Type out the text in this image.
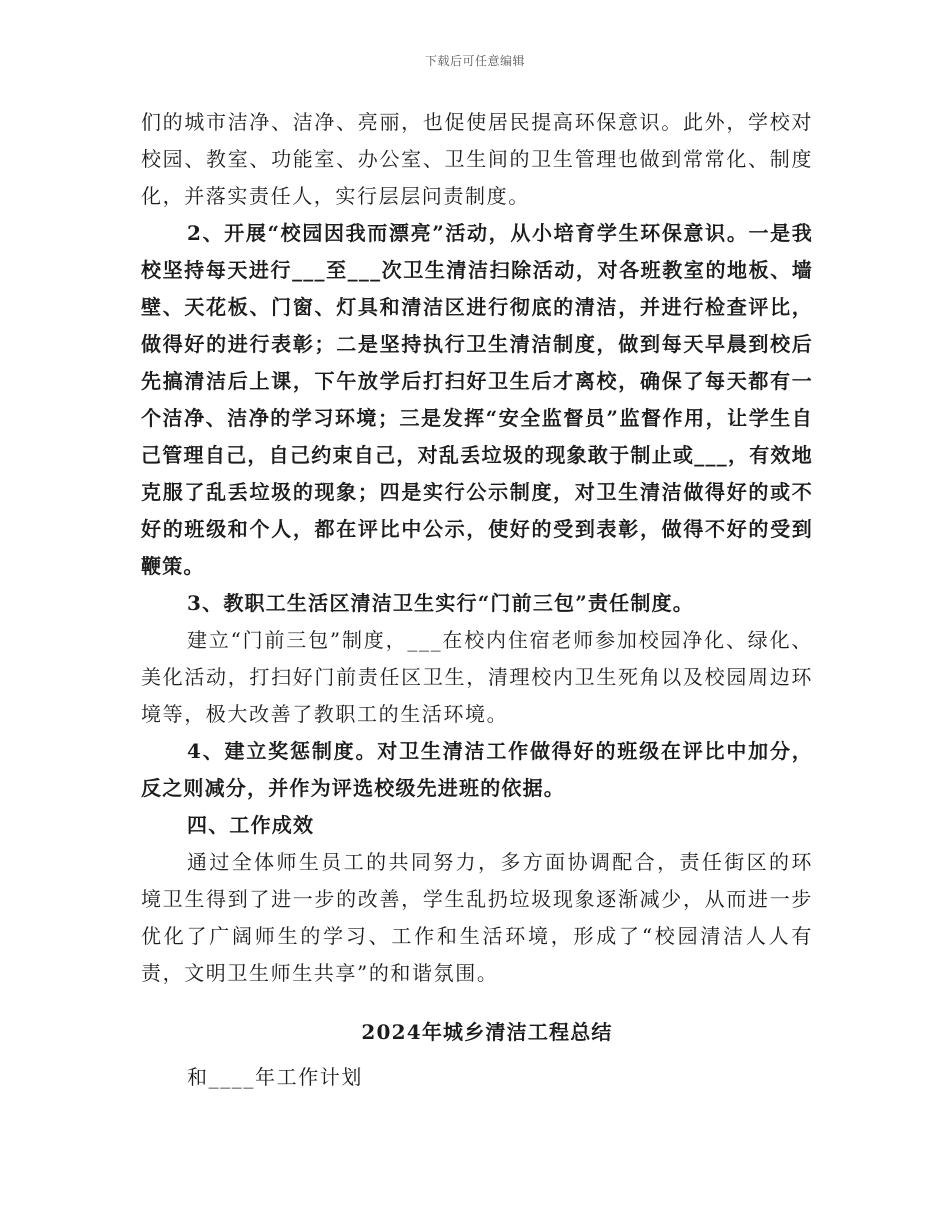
下载后可任意编辑

们的城市洁净、洁净、亮丽，也促使居民提高环保意识。此外，学校对校园、教室、功能室、办公室、卫生间的卫生管理也做到常常化、制度化，并落实责任人，实行层层问责制度。

2、开展“校园因我而漂亮”活动，从小培育学生环保意识。一是我校坚持每天进行___至___次卫生清洁扫除活动，对各班教室的地板、墙壁、天花板、门窗、灯具和清洁区进行彻底的清洁，并进行检查评比，做得好的进行表彰；二是坚持执行卫生清洁制度，做到每天早晨到校后先搞清洁后上课，下午放学后打扫好卫生后才离校，确保了每天都有一个洁净、洁净的学习环境；三是发挥“安全监督员”监督作用，让学生自己管理自己，自己约束自己，对乱丢垃圾的现象敢于制止或___，有效地克服了乱丢垃圾的现象；四是实行公示制度，对卫生清洁做得好的或不好的班级和个人，都在评比中公示，使好的受到表彰，做得不好的受到鞭策。

3、教职工生活区清洁卫生实行“门前三包”责任制度。

建立“门前三包”制度，___在校内住宿老师参加校园净化、绿化、美化活动，打扫好门前责任区卫生，清理校内卫生死角以及校园周边环境等，极大改善了教职工的生活环境。

4、建立奖惩制度。对卫生清洁工作做得好的班级在评比中加分，反之则减分，并作为评选校级先进班的依据。

四、工作成效

通过全体师生员工的共同努力，多方面协调配合，责任街区的环境卫生得到了进一步的改善，学生乱扔垃圾现象逐渐减少，从而进一步优化了广阔师生的学习、工作和生活环境，形成了“校园清洁人人有责，文明卫生师生共享”的和谐氛围。

2024年城乡清洁工程总结

和____年工作计划
